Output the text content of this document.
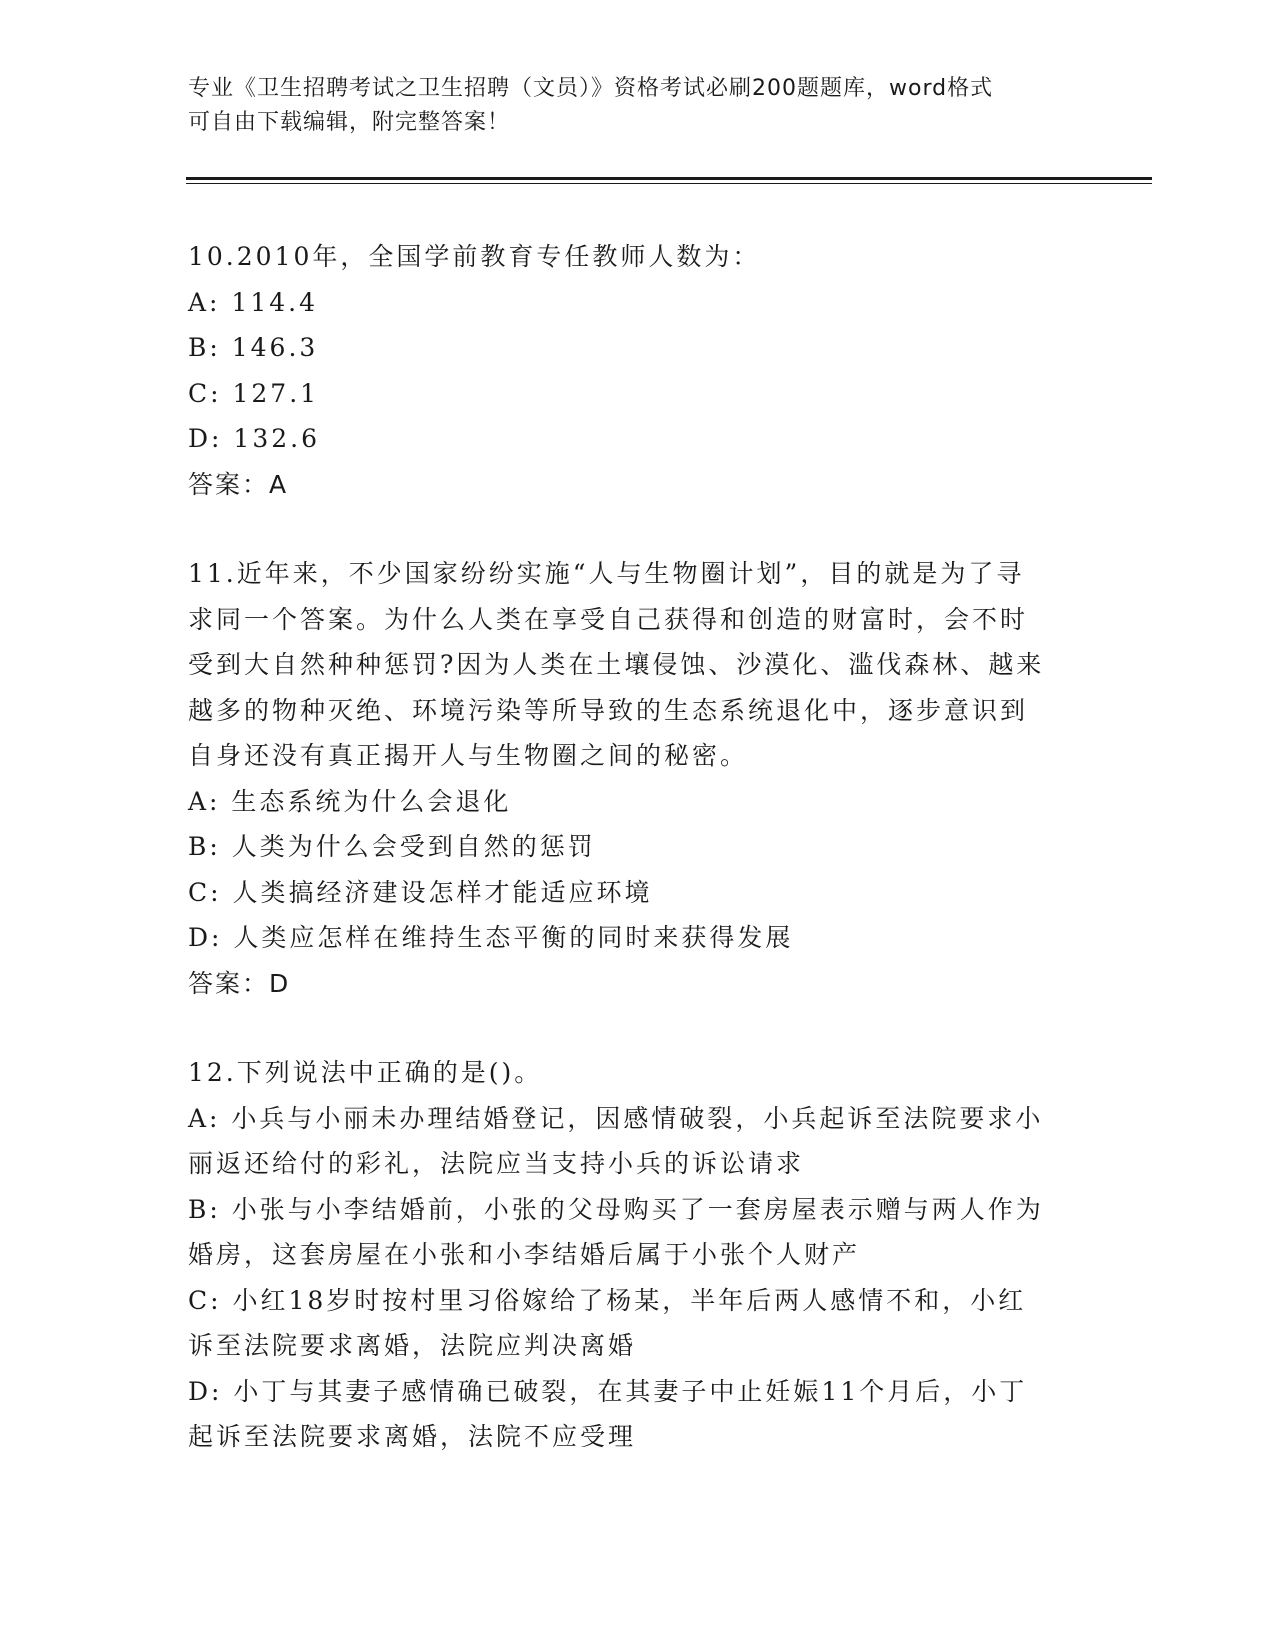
专业《卫生招聘考试之卫生招聘（文员）》资格考试必刷200题题库，word格式
可自由下载编辑，附完整答案！
10.2010年，全国学前教育专任教师人数为：
A: 114.4
B: 146.3
C: 127.1
D: 132.6
答案：A
11.近年来，不少国家纷纷实施“人与生物圈计划”，目的就是为了寻
求同一个答案。为什么人类在享受自己获得和创造的财富时，会不时
受到大自然种种惩罚?因为人类在土壤侵蚀、沙漠化、滥伐森林、越来
越多的物种灭绝、环境污染等所导致的生态系统退化中，逐步意识到
自身还没有真正揭开人与生物圈之间的秘密。
A: 生态系统为什么会退化
B: 人类为什么会受到自然的惩罚
C: 人类搞经济建设怎样才能适应环境
D: 人类应怎样在维持生态平衡的同时来获得发展
答案：D
12.下列说法中正确的是()。
A: 小兵与小丽未办理结婚登记，因感情破裂，小兵起诉至法院要求小
丽返还给付的彩礼，法院应当支持小兵的诉讼请求
B: 小张与小李结婚前，小张的父母购买了一套房屋表示赠与两人作为
婚房，这套房屋在小张和小李结婚后属于小张个人财产
C: 小红18岁时按村里习俗嫁给了杨某，半年后两人感情不和，小红
诉至法院要求离婚，法院应判决离婚
D: 小丁与其妻子感情确已破裂，在其妻子中止妊娠11个月后，小丁
起诉至法院要求离婚，法院不应受理
